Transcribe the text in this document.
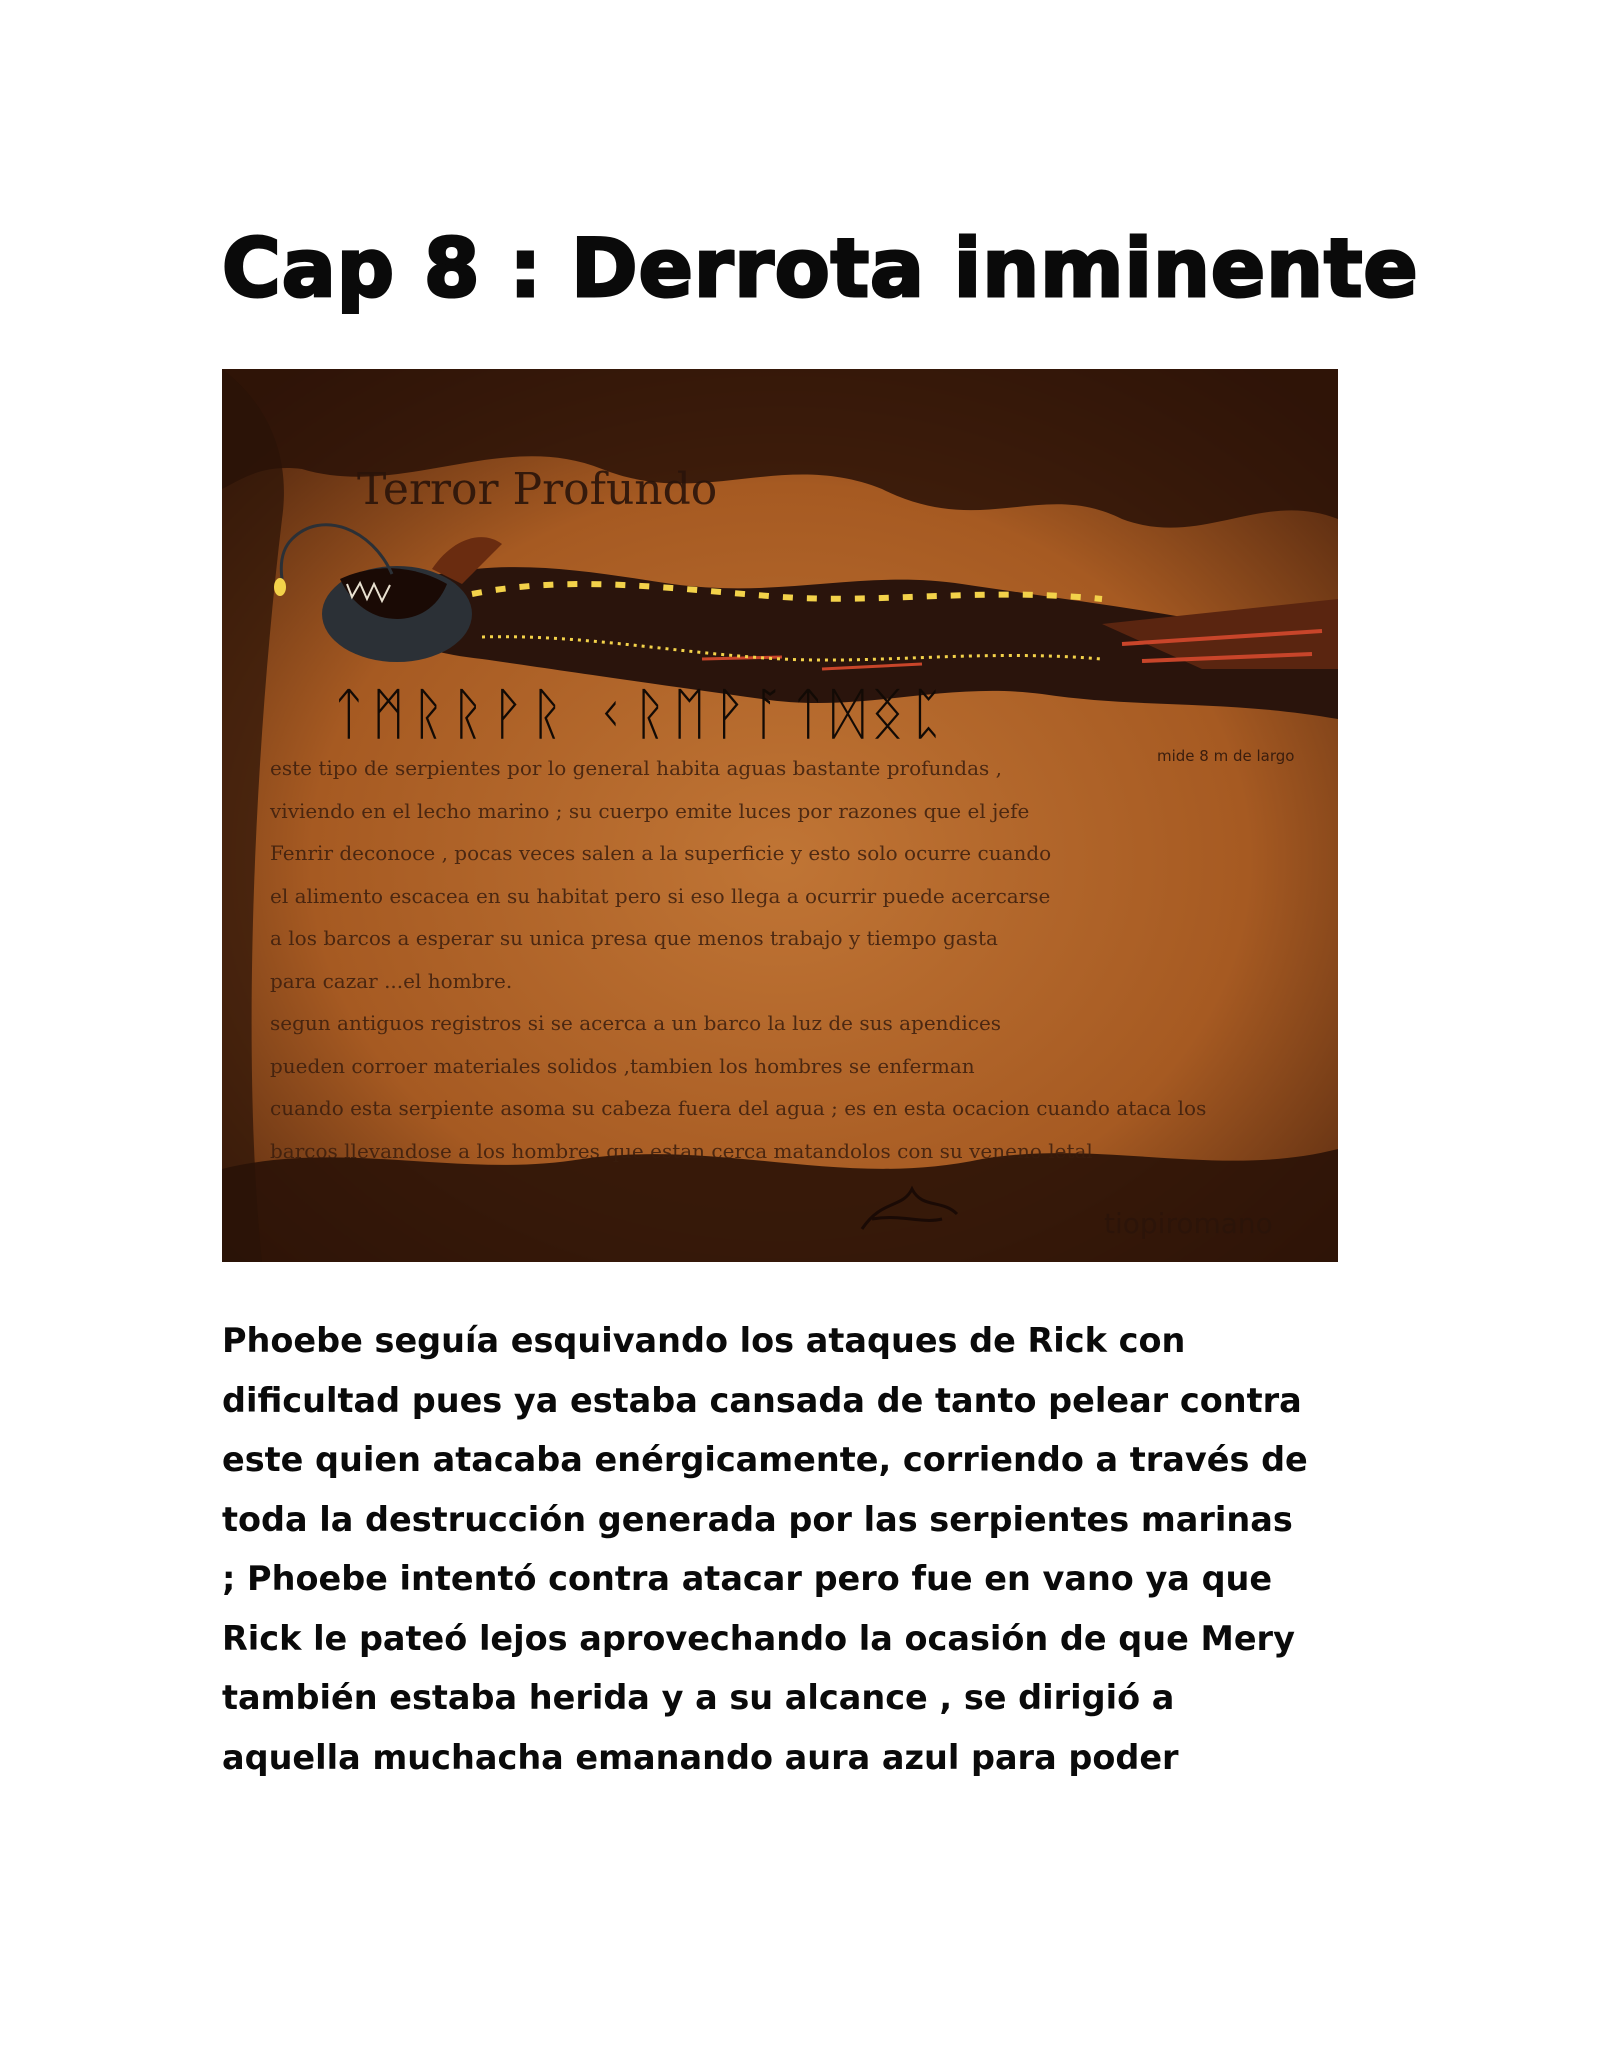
Cap 8 : Derrota inminente
Terror Profundo
ᛏᛗᚱᚱᚹᚱ ᚲᚱᛖᚹᚪᛏᛞᛝᛈ
mide 8 m de largo
este tipo de serpientes por lo general habita aguas bastante profundas ,
viviendo en el lecho marino ; su cuerpo emite luces por razones que el jefe
Fenrir deconoce , pocas veces salen a la superficie y esto solo ocurre cuando
el alimento escacea en su habitat pero si eso llega a ocurrir puede acercarse
a los barcos a esperar su unica presa que menos trabajo y tiempo gasta
para cazar ...el hombre.
segun antiguos registros si se acerca a un barco la luz de sus apendices
pueden corroer materiales solidos ,tambien los hombres se enferman
cuando esta serpiente asoma su cabeza fuera del agua ; es en esta ocacion cuando ataca los
barcos llevandose a los hombres que estan cerca matandolos con su veneno letal
tiopiromano
Phoebe seguía esquivando los ataques de Rick con
dificultad pues ya estaba cansada de tanto pelear contra
este quien atacaba enérgicamente, corriendo a través de
toda la destrucción generada por las serpientes marinas
; Phoebe intentó contra atacar pero fue en vano ya que
Rick le pateó lejos aprovechando la ocasión de que Mery
también estaba herida y a su alcance , se dirigió a
aquella muchacha emanando aura azul para poder
